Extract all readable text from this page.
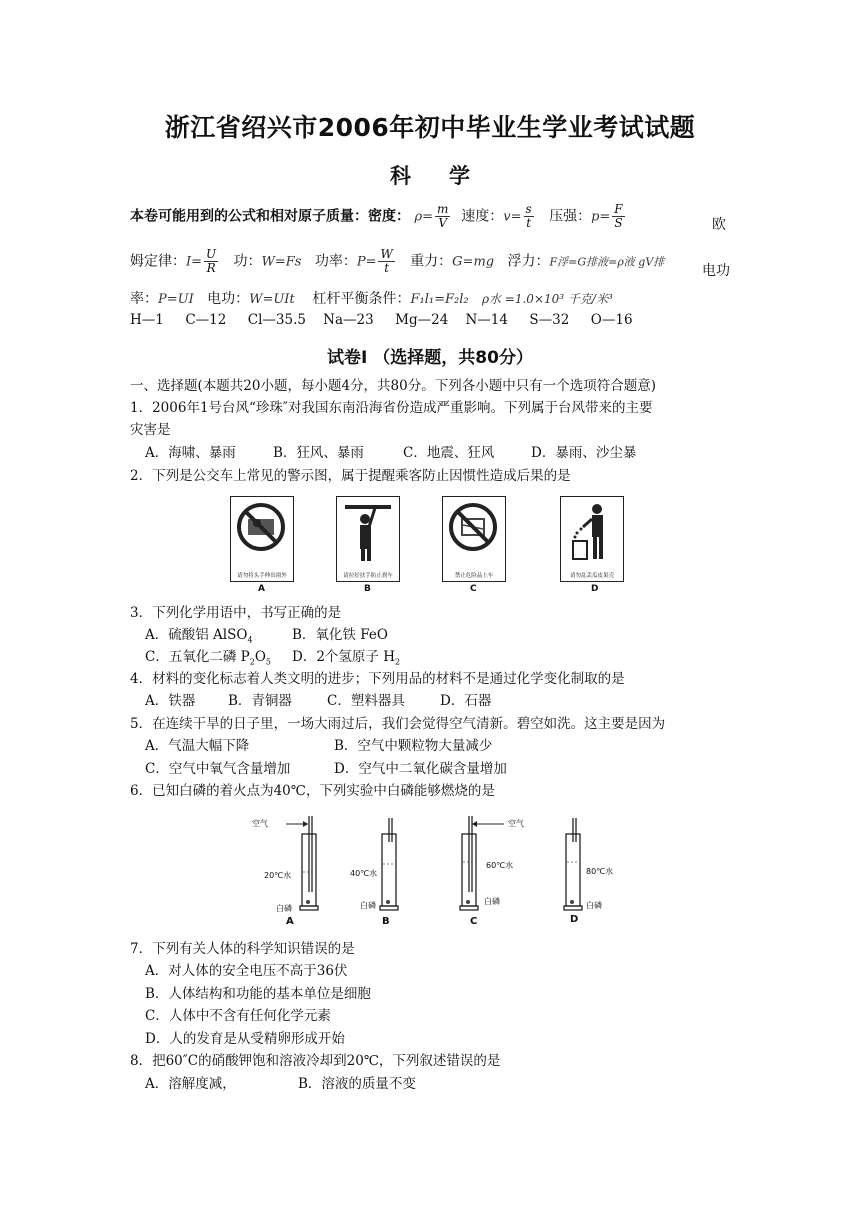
浙江省绍兴市2006年初中毕业生学业考试试题
科学
本卷可能用到的公式和相对原子质量：密度： $\rho= \frac{m}{V}$ 速度：$v= \frac{s}{t}$ 压强：$p= \frac{F}{S}$	欧
姆定律：$I= \frac{U}{R}$ 功：W=Fs 功率：$P= \frac{W}{t}$ 重力：G=mg 浮力：F浮=G排液=ρ液 gV排
电功
率：P=UI 电功：W=UIt 杠杆平衡条件：F₁l₁=F₂l₂ ρ水 =1.0×10³ 千克/米³
H—1     C—12     Cl—35.5    Na—23     Mg—24    N—14     S—32     O—16
试卷Ⅰ （选择题，共80分）
一、选择题(本题共20小题，每小题4分，共80分。下列各小题中只有一个选项符合题意)
1．2006年1号台风“珍珠″对我国东南沿海省份造成严重影响。下列属于台风带来的主要
灾害是
A．海啸、暴雨	B．狂风、暴雨	C．地震、狂风	D．暴雨、沙尘暴
2．下列是公交车上常见的警示图，属于提醒乘客防止因惯性造成后果的是
请勿将头手伸出窗外
A
请拉好扶手防止刹车
B
禁止危险品上车
C
请勿乱丢瓜皮果壳
D
3．下列化学用语中，书写正确的是
A．硫酸铝 AlSO$_4$	B．氧化铁 FeO
C．五氧化二磷 $P_2O_5$ D．2个氢原子 $H_2$
4．材料的变化标志着人类文明的进步；下列用品的材料不是通过化学变化制取的是
A．铁器 B．青铜器	C．塑料器具	D．石器
5．在连续干旱的日子里，一场大雨过后，我们会觉得空气清新。碧空如洗。这主要是因为
A．气温大幅下降	B．空气中颗粒物大量减少
C．空气中氧气含量增加	D．空气中二氧化碳含量增加
6．已知白磷的着火点为40℃，下列实验中白磷能够燃烧的是
空气
20℃水
白磷
A
40℃水
白磷
B
空气
60℃水
白磷
C
80℃水
白磷
D
7．下列有关人体的科学知识错误的是
A．对人体的安全电压不高于36伏
B．人体结构和功能的基本单位是细胞
C．人体中不含有任何化学元素
D．人的发育是从受精卵形成开始
8．把60″C的硝酸钾饱和溶液冷却到20℃，下列叙述错误的是
A．溶解度减，	B．溶液的质量不变
